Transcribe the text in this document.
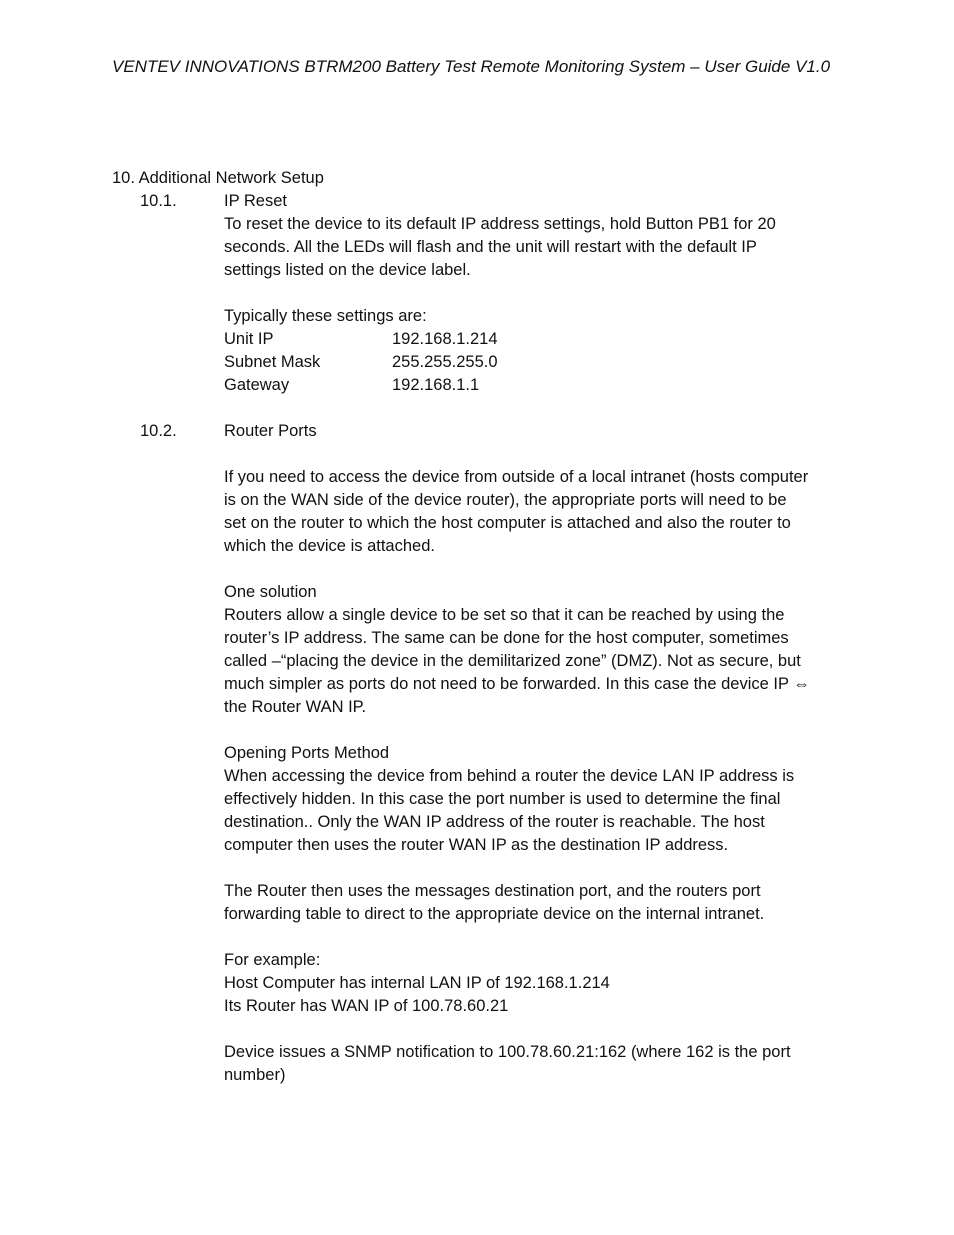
VENTEV INNOVATIONS BTRM200 Battery Test Remote Monitoring System – User Guide V1.0
10. Additional Network Setup
10.1.	IP Reset

To reset the device to its default IP address settings, hold Button PB1 for 20

seconds. All the LEDs will flash and the unit will restart with the default IP

settings listed on the device label.

Typically these settings are:

Unit IP	192.168.1.214
Subnet Mask	255.255.255.0
Gateway	192.168.1.1
10.2.	Router Ports

If you need to access the device from outside of a local intranet (hosts computer

is on the WAN side of the device router), the appropriate ports will need to be

set on the router to which the host computer is attached and also the router to

which the device is attached.

One solution

Routers allow a single device to be set so that it can be reached by using the

router’s IP address. The same can be done for the host computer, sometimes

called –“placing the device in the demilitarized zone” (DMZ). Not as secure, but

much simpler as ports do not need to be forwarded. In this case the device IP ⇔

the Router WAN IP.

Opening Ports Method

When accessing the device from behind a router the device LAN IP address is

effectively hidden. In this case the port number is used to determine the final

destination.. Only the WAN IP address of the router is reachable. The host

computer then uses the router WAN IP as the destination IP address.

The Router then uses the messages destination port, and the routers port

forwarding table to direct to the appropriate device on the internal intranet.

For example:

Host Computer has internal LAN IP of 192.168.1.214

Its Router has WAN IP of 100.78.60.21

Device issues a SNMP notification to 100.78.60.21:162 (where 162 is the port

number)
